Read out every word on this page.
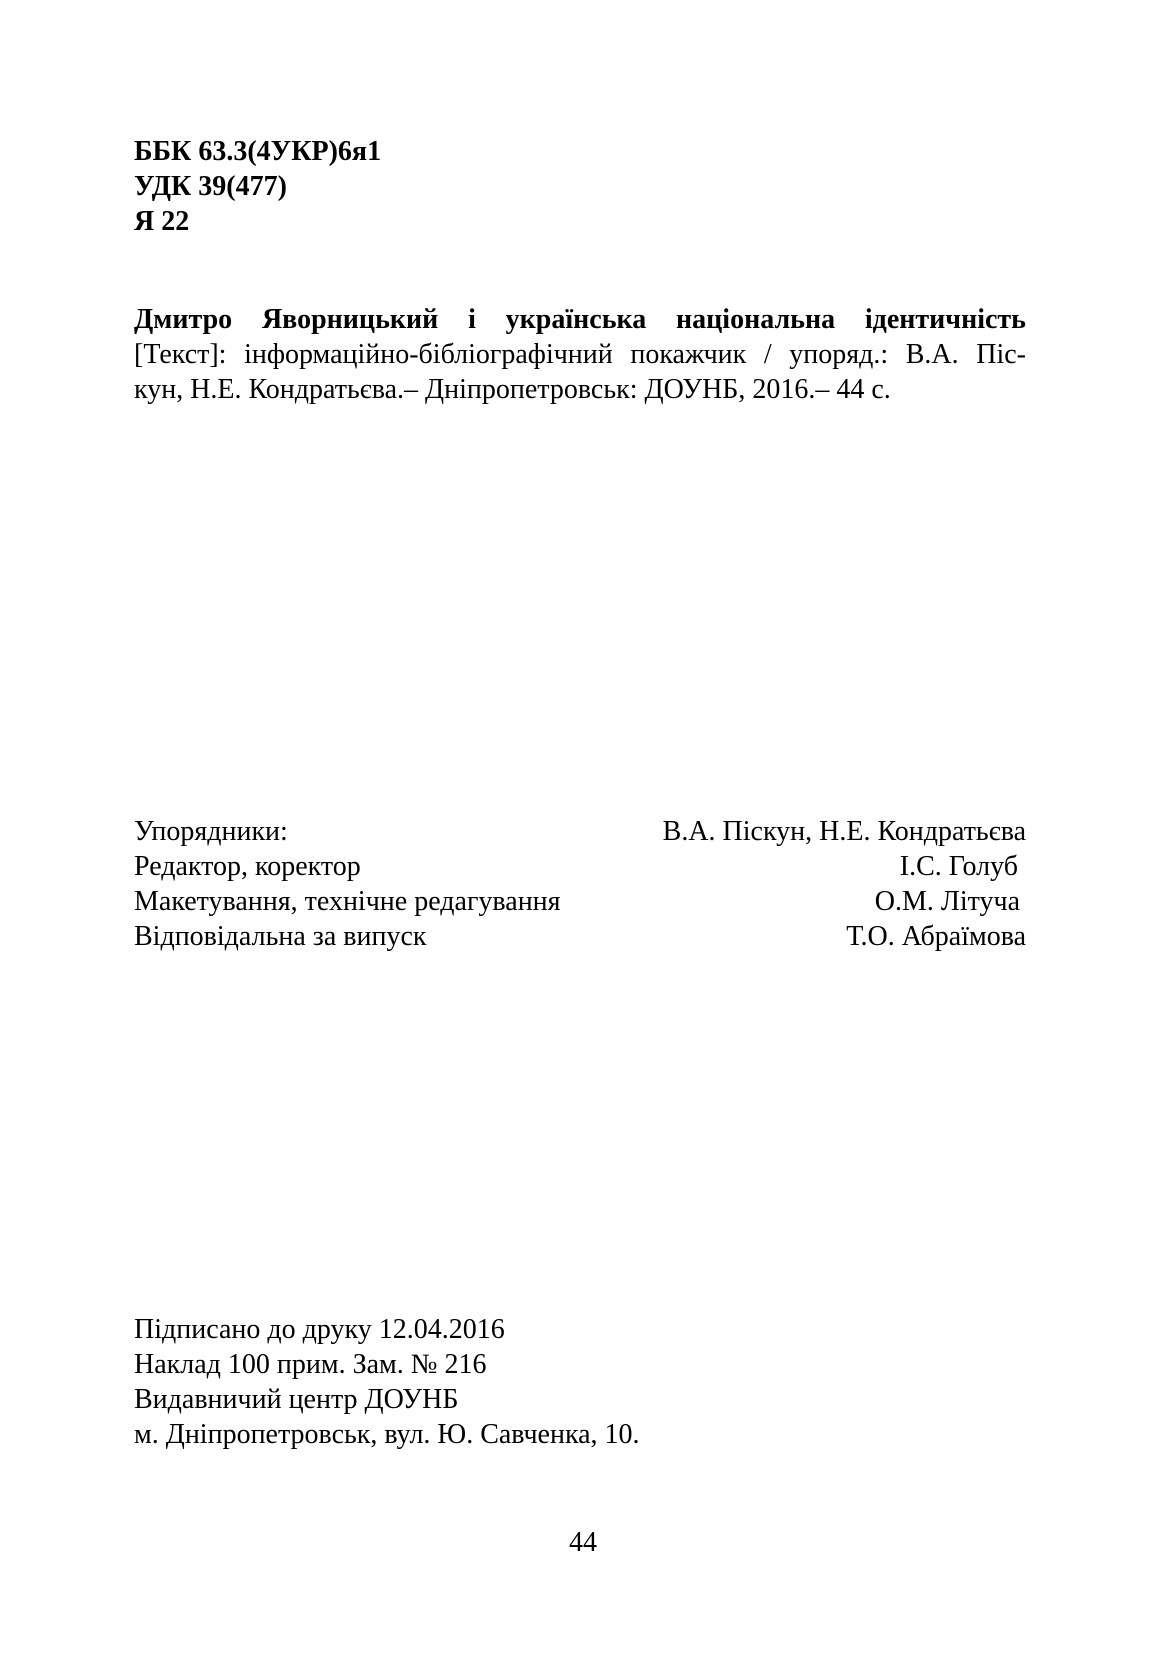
ББК 63.3(4УКР)6я1
УДК 39(477)
Я 22

Дмитро Яворницький і українська національна ідентичність

[Текст]: інформаційно-бібліографічний покажчик / упоряд.: В.А. Піс-

кун, Н.Е. Кондратьєва.– Дніпропетровськ: ДОУНБ, 2016.– 44 с.

Упорядники:	В.А. Піскун, Н.Е. Кондратьєва
Редактор, коректор	І.С. Голуб
Макетування, технічне редагування	О.М. Літуча
Відповідальна за випуск	Т.О. Абраїмова
Підписано до друку 12.04.2016
Наклад 100 прим. Зам. № 216
Видавничий центр ДОУНБ
м. Дніпропетровськ, вул. Ю. Савченка, 10.
44
